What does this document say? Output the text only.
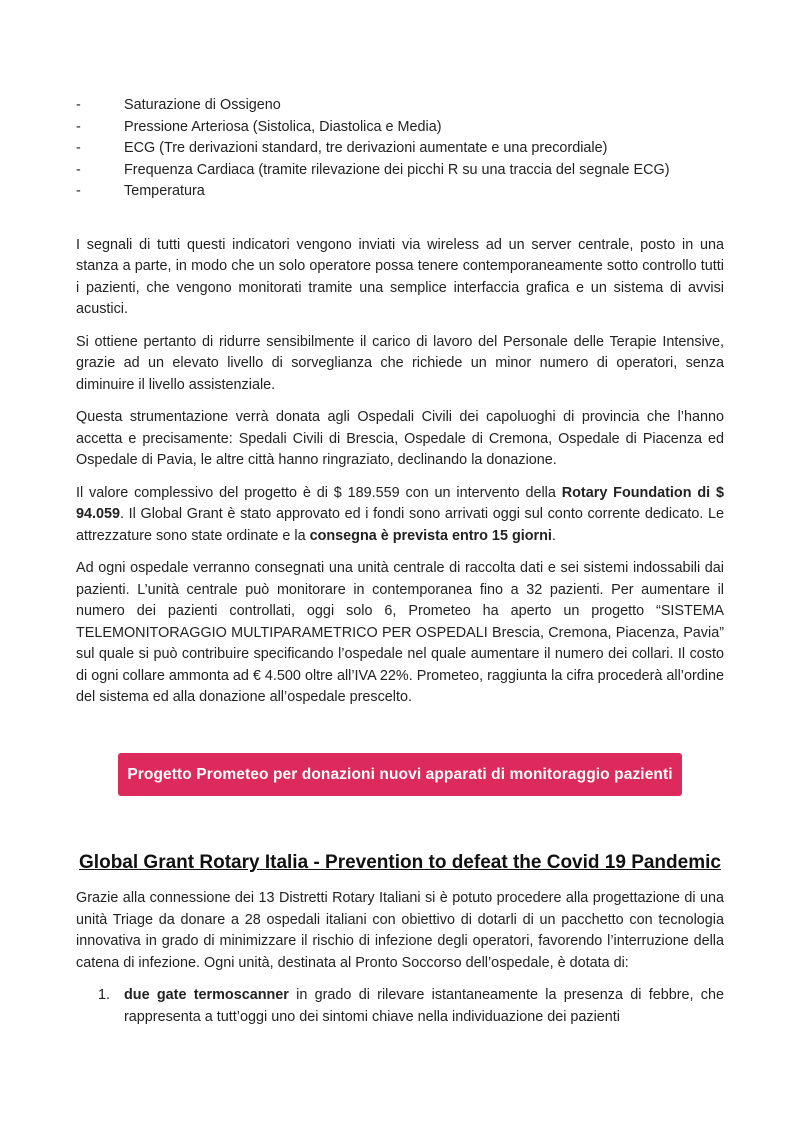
-	Saturazione di Ossigeno
-	Pressione Arteriosa (Sistolica, Diastolica e Media)
-	ECG (Tre derivazioni standard, tre derivazioni aumentate e una precordiale)
-	Frequenza Cardiaca (tramite rilevazione dei picchi R su una traccia del segnale ECG)
-	Temperatura

I segnali di tutti questi indicatori vengono inviati via wireless ad un server centrale, posto in una stanza a parte, in modo che un solo operatore possa tenere contemporaneamente sotto controllo tutti i pazienti, che vengono monitorati tramite una semplice interfaccia grafica e un sistema di avvisi acustici.

Si ottiene pertanto di ridurre sensibilmente il carico di lavoro del Personale delle Terapie Intensive, grazie ad un elevato livello di sorveglianza che richiede un minor numero di operatori, senza diminuire il livello assistenziale.

Questa strumentazione verrà donata agli Ospedali Civili dei capoluoghi di provincia che l’hanno accetta e precisamente: Spedali Civili di Brescia, Ospedale di Cremona, Ospedale di Piacenza ed Ospedale di Pavia, le altre città hanno ringraziato, declinando la donazione.

Il valore complessivo del progetto è di $ 189.559 con un intervento della Rotary Foundation di $ 94.059. Il Global Grant è stato approvato ed i fondi sono arrivati oggi sul conto corrente dedicato. Le attrezzature sono state ordinate e la consegna è prevista entro 15 giorni.

Ad ogni ospedale verranno consegnati una unità centrale di raccolta dati e sei sistemi indossabili dai pazienti. L’unità centrale può monitorare in contemporanea fino a 32 pazienti. Per aumentare il numero dei pazienti controllati, oggi solo 6, Prometeo ha aperto un progetto “SISTEMA TELEMONITORAGGIO MULTIPARAMETRICO PER OSPEDALI Brescia, Cremona, Piacenza, Pavia” sul quale si può contribuire specificando l’ospedale nel quale aumentare il numero dei collari. Il costo di ogni collare ammonta ad € 4.500 oltre all’IVA 22%. Prometeo, raggiunta la cifra procederà all’ordine del sistema ed alla donazione all’ospedale prescelto.

Progetto Prometeo per donazioni nuovi apparati di monitoraggio pazienti
Global Grant Rotary Italia - Prevention to defeat the Covid 19 Pandemic

Grazie alla connessione dei 13 Distretti Rotary Italiani si è potuto procedere alla progettazione di una unità Triage da donare a 28 ospedali italiani con obiettivo di dotarli di un pacchetto con tecnologia innovativa in grado di minimizzare il rischio di infezione degli operatori, favorendo l’interruzione della catena di infezione. Ogni unità, destinata al Pronto Soccorso dell’ospedale, è dotata di:

1. due gate termoscanner in grado di rilevare istantaneamente la presenza di febbre, che rappresenta a tutt’oggi uno dei sintomi chiave nella individuazione dei pazienti
